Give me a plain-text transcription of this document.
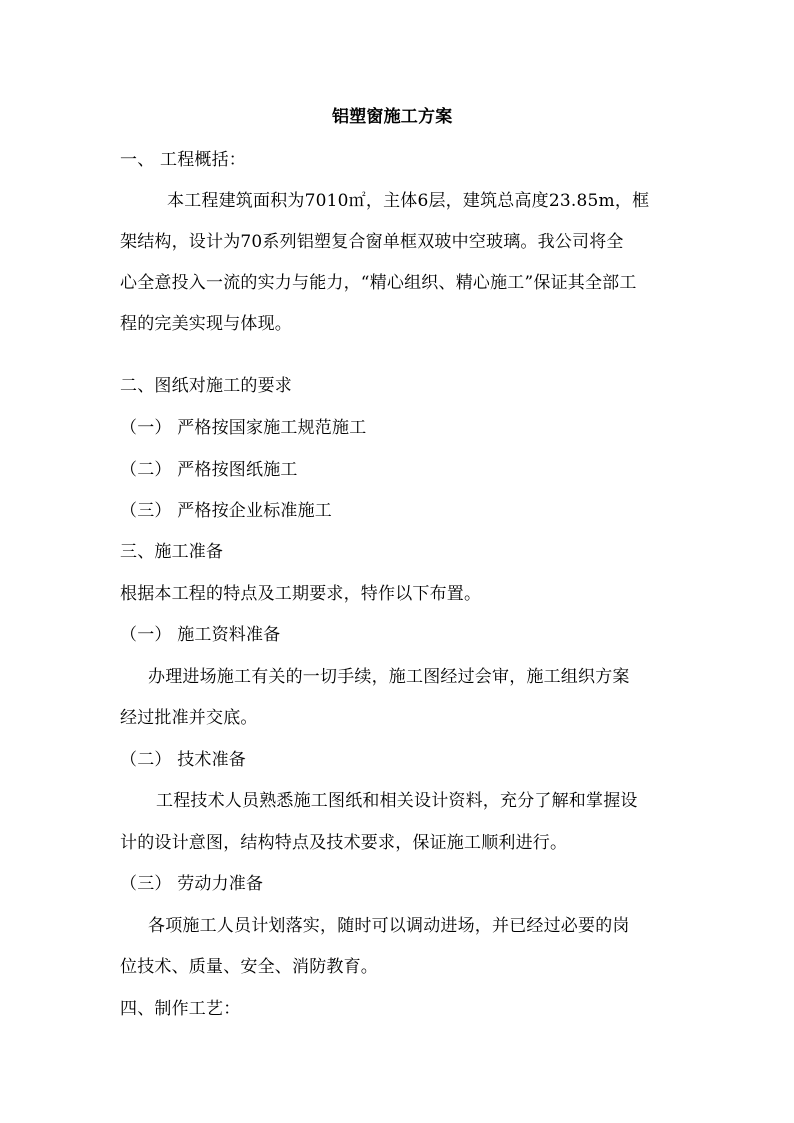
铝塑窗施工方案
一、 工程概括：
本工程建筑面积为7010㎡，主体6层，建筑总高度23.85m，框
架结构，设计为70系列铝塑复合窗单框双玻中空玻璃。我公司将全
心全意投入一流的实力与能力，“精心组织、精心施工”保证其全部工
程的完美实现与体现。
二、图纸对施工的要求
（一） 严格按国家施工规范施工
（二） 严格按图纸施工
（三） 严格按企业标准施工
三、施工准备
根据本工程的特点及工期要求，特作以下布置。
（一） 施工资料准备
办理进场施工有关的一切手续，施工图经过会审，施工组织方案
经过批准并交底。
（二） 技术准备
工程技术人员熟悉施工图纸和相关设计资料，充分了解和掌握设
计的设计意图，结构特点及技术要求，保证施工顺利进行。
（三） 劳动力准备
各项施工人员计划落实，随时可以调动进场，并已经过必要的岗
位技术、质量、安全、消防教育。
四、制作工艺：
